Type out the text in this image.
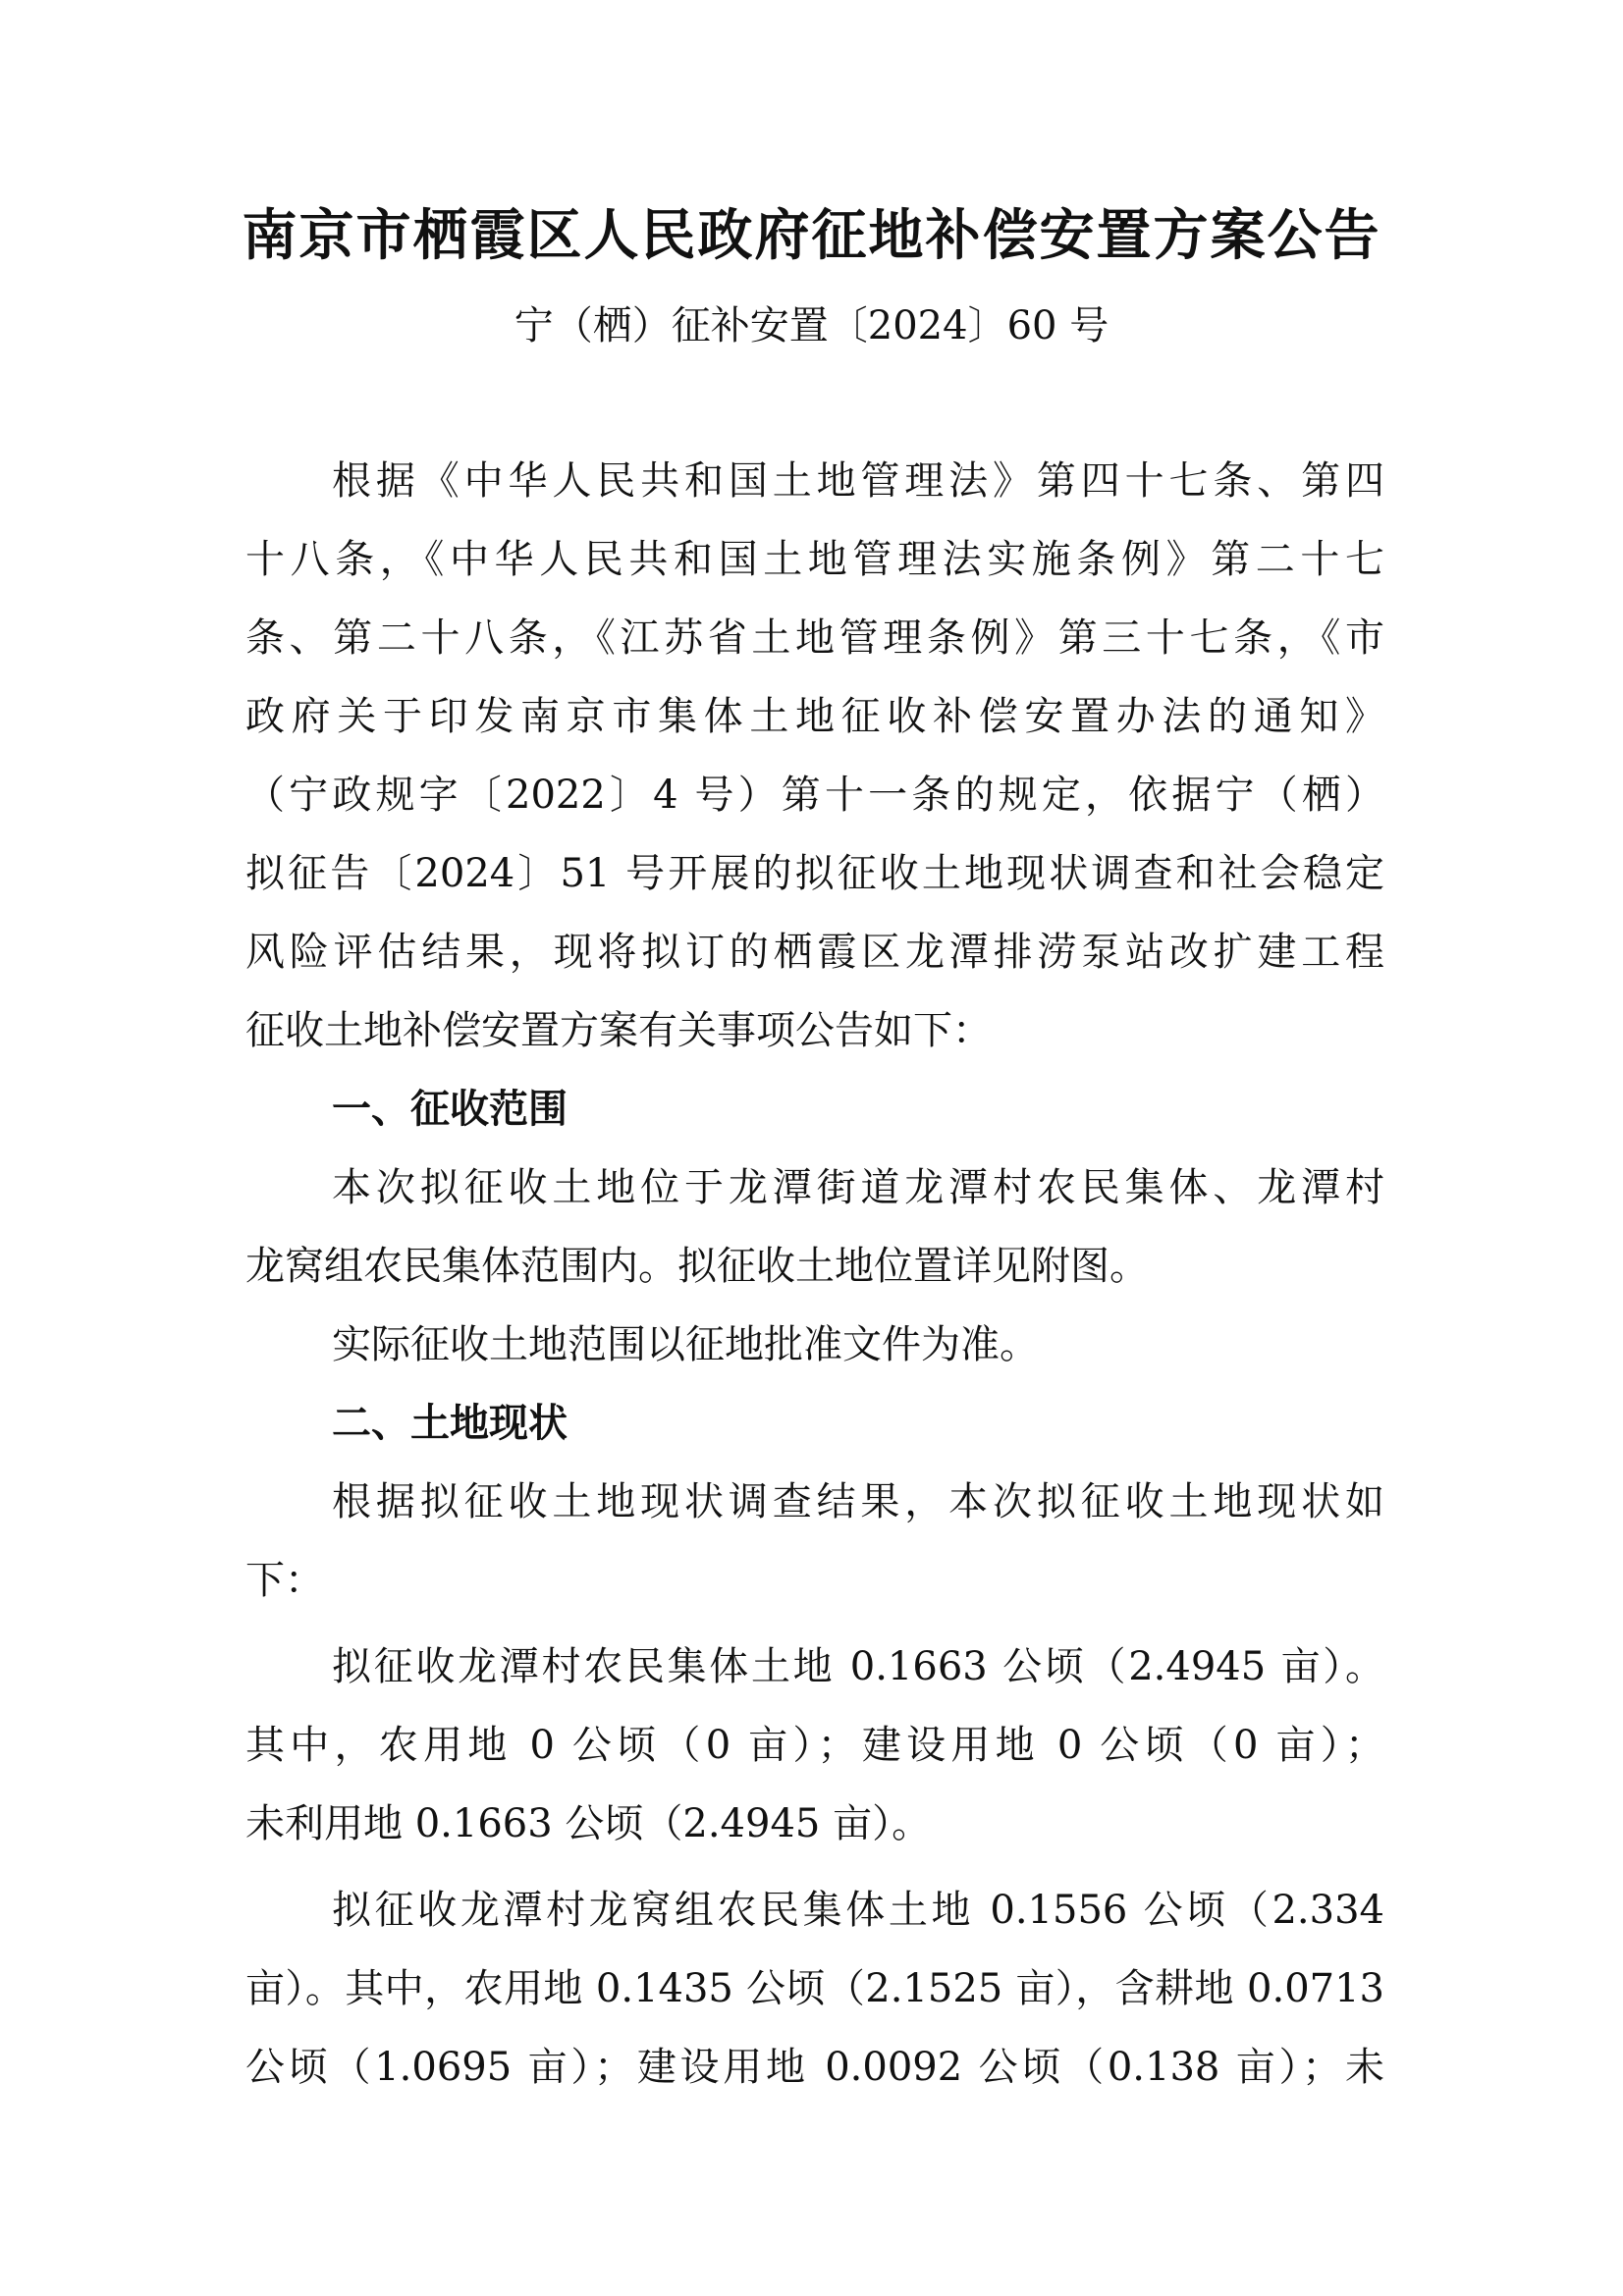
南京市栖霞区人民政府征地补偿安置方案公告
宁（栖）征补安置〔2024〕60 号
根据《中华人民共和国土地管理法》第四十七条、第四
十八条，《中华人民共和国土地管理法实施条例》第二十七
条、第二十八条，《江苏省土地管理条例》第三十七条，《市
政府关于印发南京市集体土地征收补偿安置办法的通知》
（宁政规字〔2022〕4 号）第十一条的规定，依据宁（栖）
拟征告〔2024〕51 号开展的拟征收土地现状调查和社会稳定
风险评估结果，现将拟订的栖霞区龙潭排涝泵站改扩建工程
征收土地补偿安置方案有关事项公告如下：
一、征收范围
本次拟征收土地位于龙潭街道龙潭村农民集体、龙潭村
龙窝组农民集体范围内。拟征收土地位置详见附图。
实际征收土地范围以征地批准文件为准。
二、土地现状
根据拟征收土地现状调查结果，本次拟征收土地现状如
下：
拟征收龙潭村农民集体土地 0.1663 公顷（2.4945 亩）。
其中，农用地 0 公顷（0 亩）；建设用地 0 公顷（0 亩）；
未利用地 0.1663 公顷（2.4945 亩）。
拟征收龙潭村龙窝组农民集体土地 0.1556 公顷（2.334
亩）。其中，农用地 0.1435 公顷（2.1525 亩），含耕地 0.0713
公顷（1.0695 亩）；建设用地 0.0092 公顷（0.138 亩）；未
